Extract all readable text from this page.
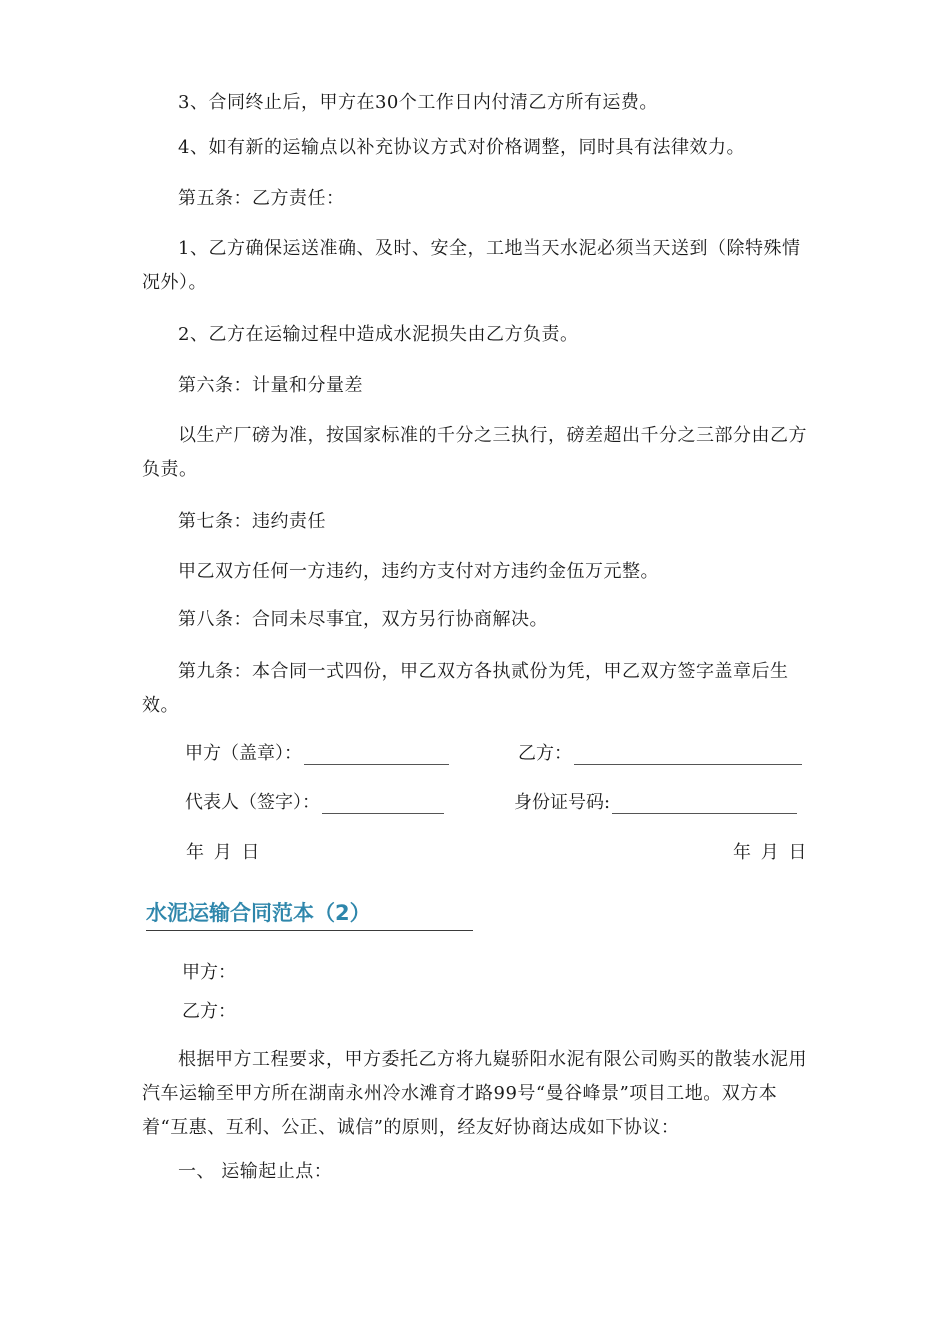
3、合同终止后，甲方在30个工作日内付清乙方所有运费。

4、如有新的运输点以补充协议方式对价格调整，同时具有法律效力。

第五条：乙方责任：

1、乙方确保运送准确、及时、安全，工地当天水泥必须当天送到（除特殊情 况外）。

2、乙方在运输过程中造成水泥损失由乙方负责。

第六条：计量和分量差

以生产厂磅为准，按国家标准的千分之三执行，磅差超出千分之三部分由乙方负责。

第七条：违约责任

甲乙双方任何一方违约，违约方支付对方违约金伍万元整。

第八条：合同未尽事宜，双方另行协商解决。

第九条：本合同一式四份，甲乙双方各执贰份为凭，甲乙双方签字盖章后生效。

甲方（盖章）：	乙方：
代表人（签字）：	身份证号码:
年 月 日	年 月 日
水泥运输合同范本（2）
甲方：
乙方：

根据甲方工程要求，甲方委托乙方将九嶷骄阳水泥有限公司购买的散装水泥用汽车运输至甲方所在湖南永州冷水滩育才路99号“曼谷峰景”项目工地。双方本着“互惠、互利、公正、诚信”的原则，经友好协商达成如下协议：

一、 运输起止点：
